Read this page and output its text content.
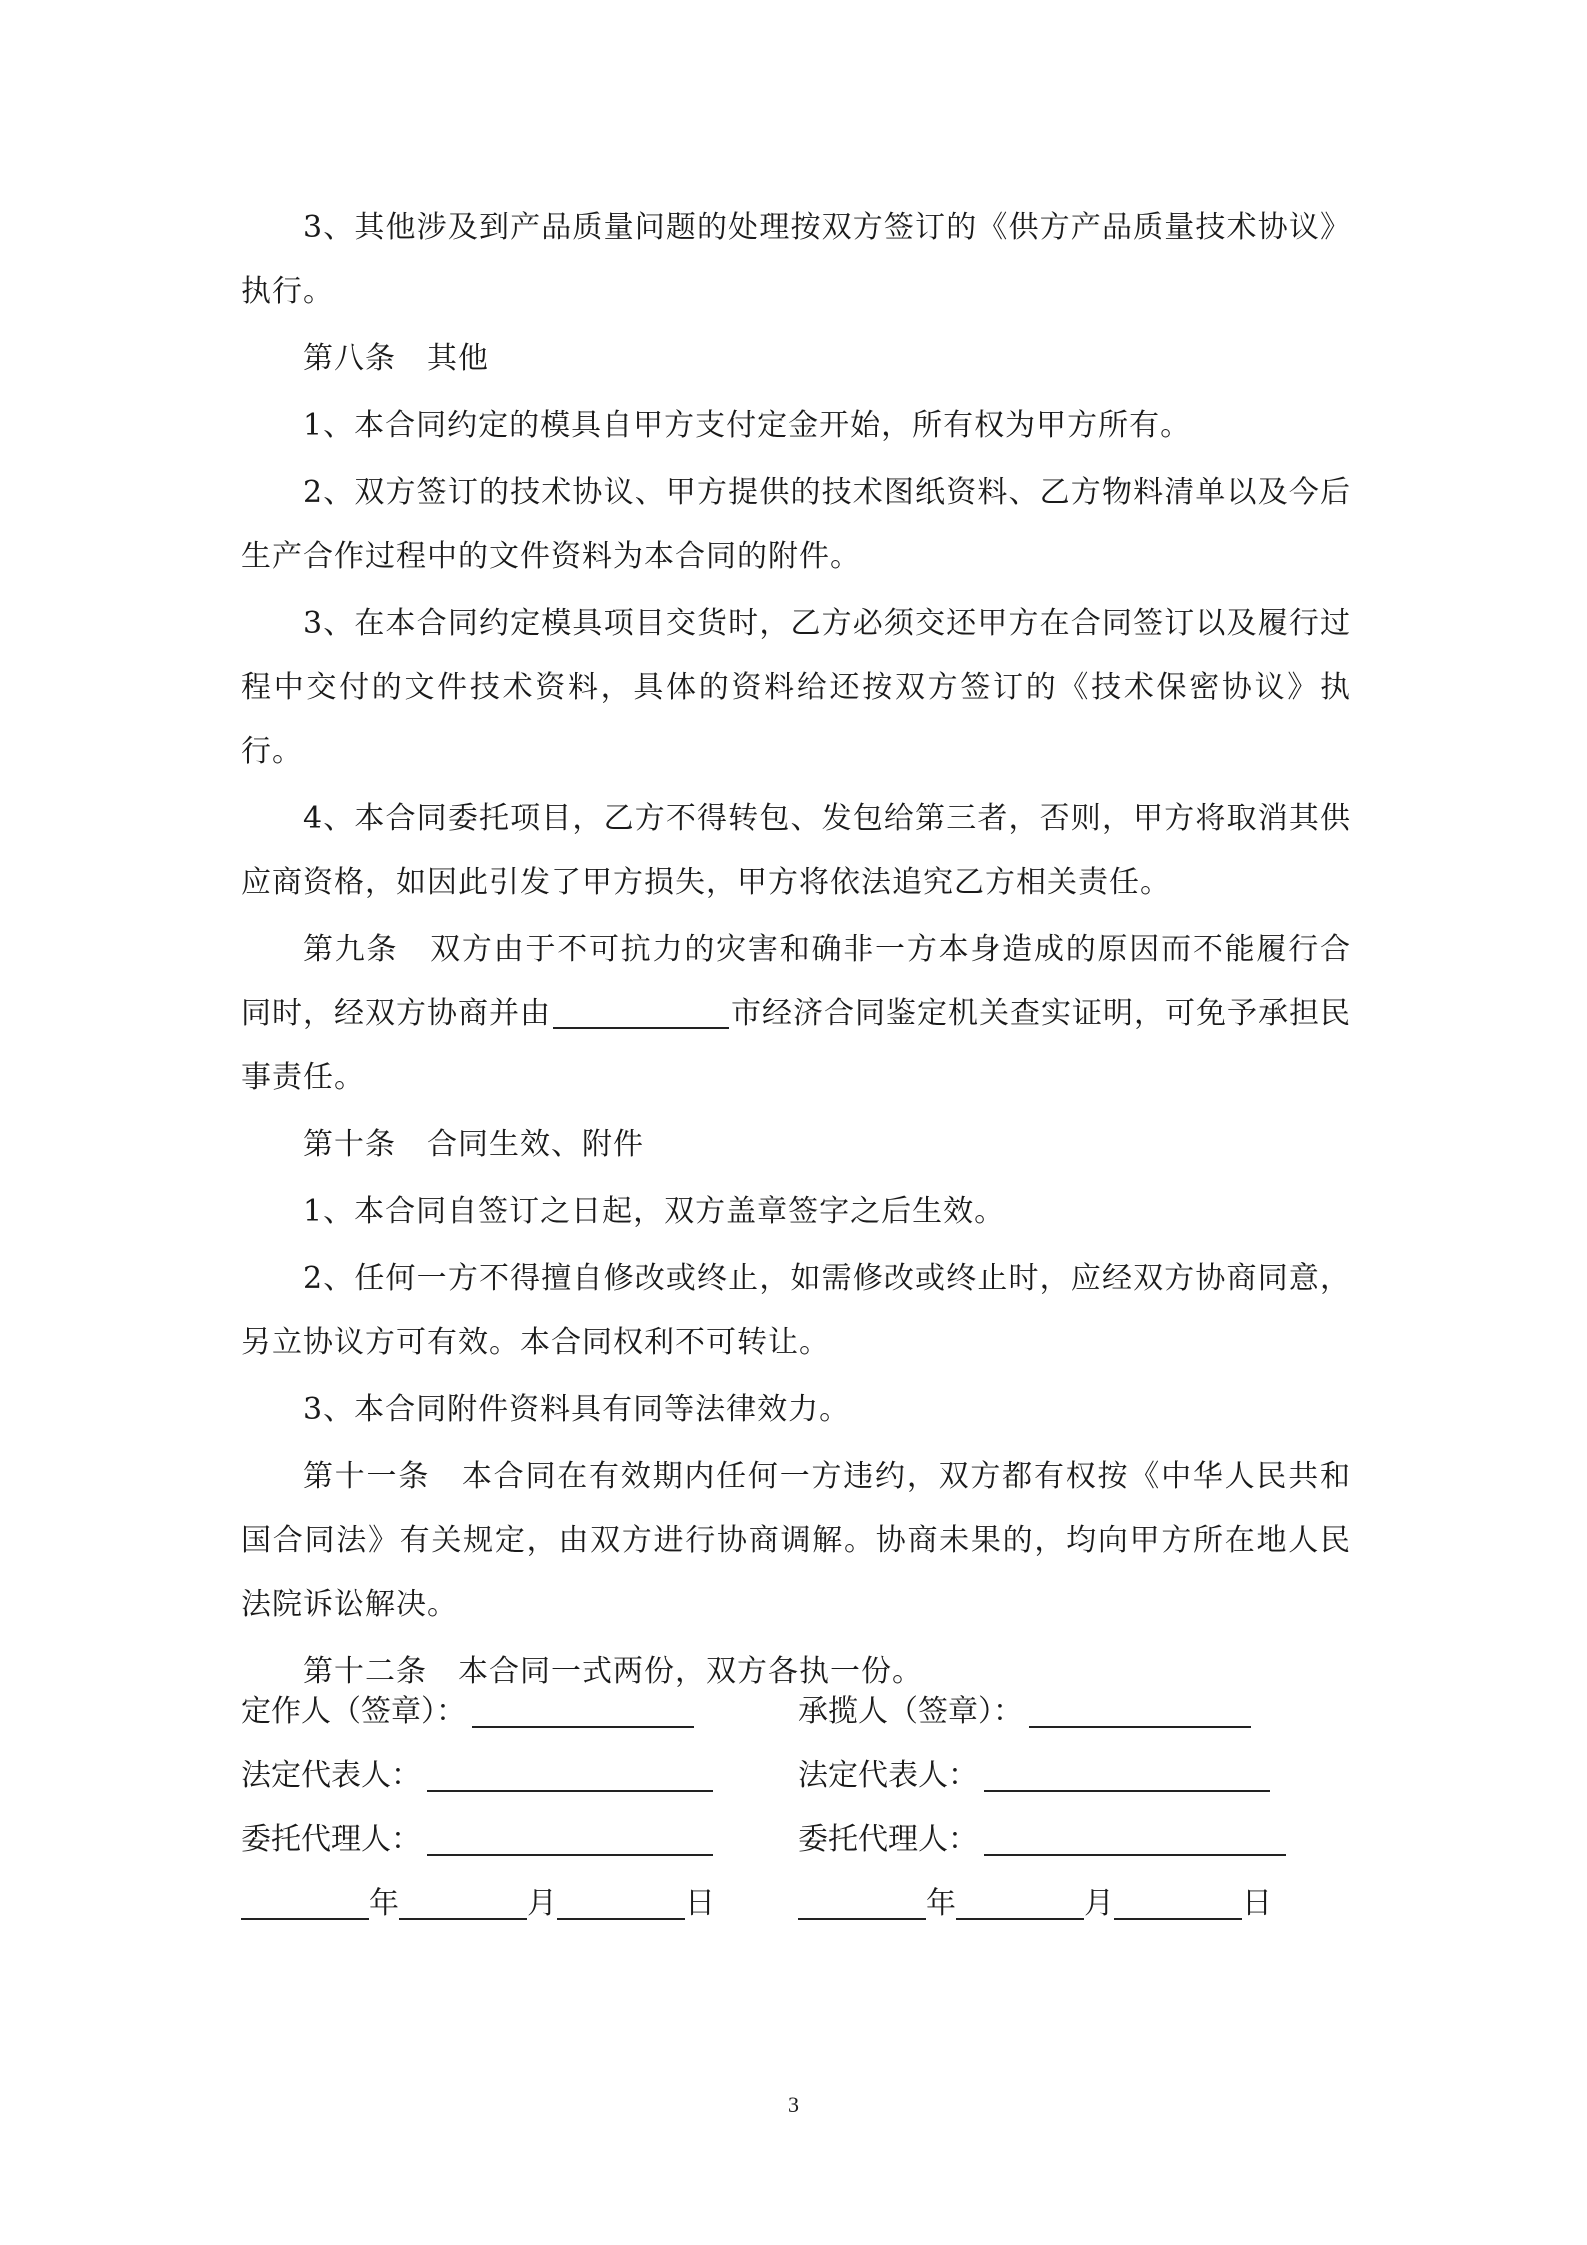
3、其他涉及到产品质量问题的处理按双方签订的《供方产品质量技术协议》执行。

第八条　其他

1、本合同约定的模具自甲方支付定金开始，所有权为甲方所有。

2、双方签订的技术协议、甲方提供的技术图纸资料、乙方物料清单以及今后生产合作过程中的文件资料为本合同的附件。

3、在本合同约定模具项目交货时，乙方必须交还甲方在合同签订以及履行过程中交付的文件技术资料，具体的资料给还按双方签订的《技术保密协议》执行。

4、本合同委托项目，乙方不得转包、发包给第三者，否则，甲方将取消其供应商资格，如因此引发了甲方损失，甲方将依法追究乙方相关责任。

第九条　双方由于不可抗力的灾害和确非一方本身造成的原因而不能履行合同时，经双方协商并由	市经济合同鉴定机关查实证明，可免予承担民事责任。

第十条　合同生效、附件

1、本合同自签订之日起，双方盖章签字之后生效。

2、任何一方不得擅自修改或终止，如需修改或终止时，应经双方协商同意，另立协议方可有效。本合同权利不可转让。

3、本合同附件资料具有同等法律效力。

第十一条　本合同在有效期内任何一方违约，双方都有权按《中华人民共和国合同法》有关规定，由双方进行协商调解。协商未果的，均向甲方所在地人民法院诉讼解决。

第十二条　本合同一式两份，双方各执一份。

定作人（签章）：	承揽人（签章）：
法定代表人：	法定代表人：
委托代理人：	委托代理人：
年	月	日	年	月	日
3
